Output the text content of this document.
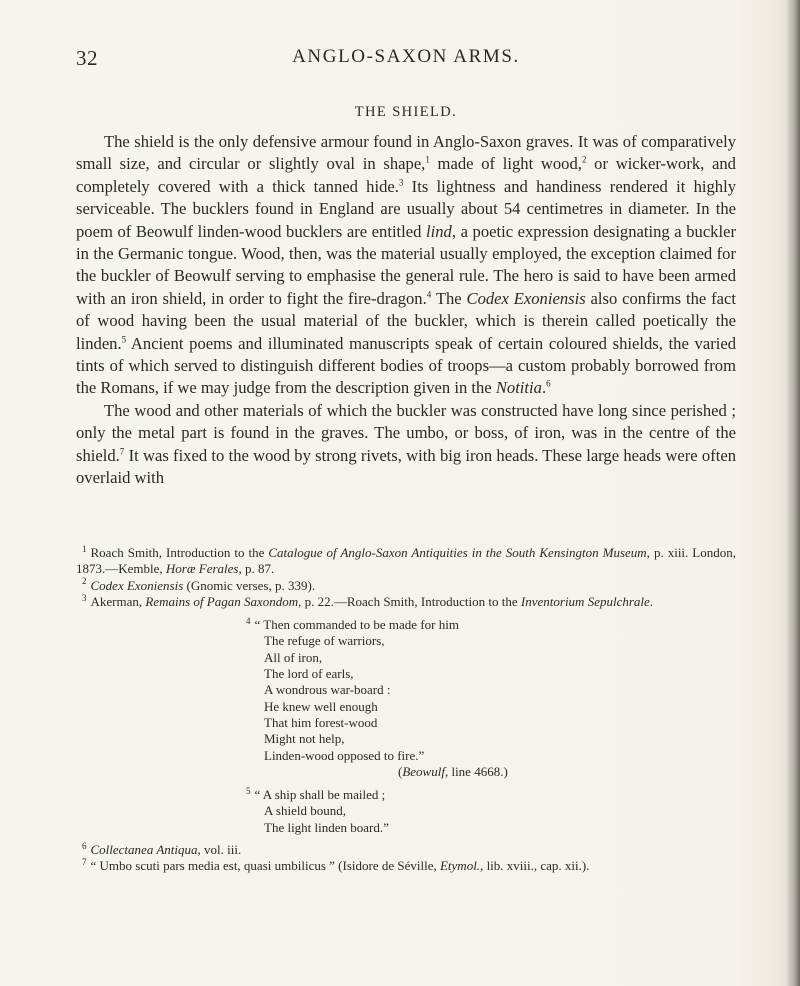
32	ANGLO-SAXON ARMS.
THE SHIELD.

The shield is the only defensive armour found in Anglo-Saxon graves. It was of comparatively small size, and circular or slightly oval in shape,$^1$ made of light wood,$^2$ or wicker-work, and completely covered with a thick tanned hide.$^3$ Its lightness and handiness rendered it highly serviceable. The bucklers found in England are usually about 54 centimetres in diameter. In the poem of Beowulf linden-wood bucklers are entitled lind, a poetic expression designating a buckler in the Germanic tongue. Wood, then, was the material usually employed, the exception claimed for the buckler of Beowulf serving to emphasise the general rule. The hero is said to have been armed with an iron shield, in order to fight the fire-dragon.$^4$ The Codex Exoniensis also confirms the fact of wood having been the usual material of the buckler, which is therein called poetically the linden.$^5$ Ancient poems and illuminated manuscripts speak of certain coloured shields, the varied tints of which served to distinguish different bodies of troops—a custom probably borrowed from the Romans, if we may judge from the description given in the Notitia.$^6$

The wood and other materials of which the buckler was constructed have long since perished ; only the metal part is found in the graves. The umbo, or boss, of iron, was in the centre of the shield.$^7$ It was fixed to the wood by strong rivets, with big iron heads. These large heads were often overlaid with

$^1$ Roach Smith, Introduction to the Catalogue of Anglo-Saxon Antiquities in the South Kensington Museum, p. xiii. London, 1873.—Kemble, Horæ Ferales, p. 87.

$^2$ Codex Exoniensis (Gnomic verses, p. 339).

$^3$ Akerman, Remains of Pagan Saxondom, p. 22.—Roach Smith, Introduction to the Inventorium Sepulchrale.

$^4$ “ Then commanded to be made for him
The refuge of warriors,
All of iron,
The lord of earls,
A wondrous war-board :
He knew well enough
That him forest-wood
Might not help,
Linden-wood opposed to fire.”
(Beowulf, line 4668.)
$^5$ “ A ship shall be mailed ;
A shield bound,
The light linden board.”

$^6$ Collectanea Antiqua, vol. iii.

$^7$ “ Umbo scuti pars media est, quasi umbilicus ” (Isidore de Séville, Etymol., lib. xviii., cap. xii.).
